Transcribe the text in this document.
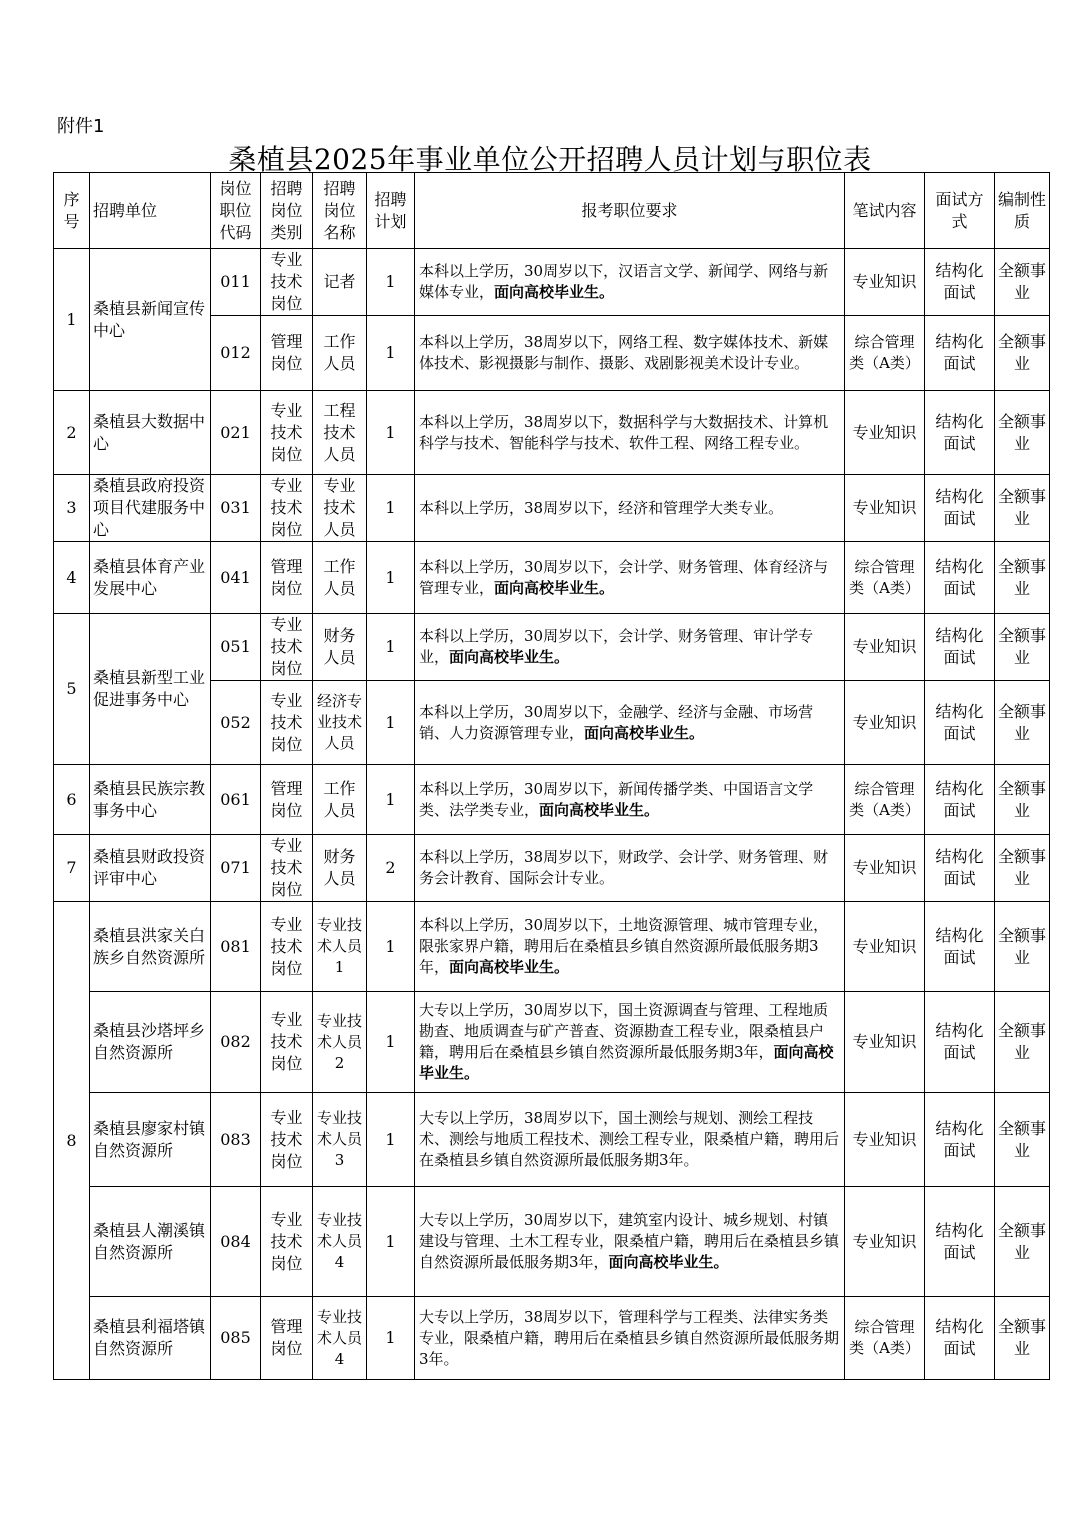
附件1
桑植县2025年事业单位公开招聘人员计划与职位表
序号	招聘单位	岗位职位代码	招聘岗位类别	招聘岗位名称	招聘计划	报考职位要求	笔试内容	面试方式	编制性质
1	桑植县新闻宣传中心	011	专业技术岗位	记者	1	本科以上学历，30周岁以下，汉语言文学、新闻学、网络与新媒体专业，面向高校毕业生。	专业知识	结构化面试	全额事业
		012	管理岗位	工作人员	1	本科以上学历，38周岁以下，网络工程、数字媒体技术、新媒体技术、影视摄影与制作、摄影、戏剧影视美术设计专业。	综合管理类（A类）	结构化面试	全额事业
2	桑植县大数据中心	021	专业技术岗位	工程技术人员	1	本科以上学历，38周岁以下，数据科学与大数据技术、计算机科学与技术、智能科学与技术、软件工程、网络工程专业。	专业知识	结构化面试	全额事业
3	桑植县政府投资项目代建服务中心	031	专业技术岗位	专业技术人员	1	本科以上学历，38周岁以下，经济和管理学大类专业。	专业知识	结构化面试	全额事业
4	桑植县体育产业发展中心	041	管理岗位	工作人员	1	本科以上学历，30周岁以下，会计学、财务管理、体育经济与管理专业，面向高校毕业生。	综合管理类（A类）	结构化面试	全额事业
5	桑植县新型工业促进事务中心	051	专业技术岗位	财务人员	1	本科以上学历，30周岁以下，会计学、财务管理、审计学专业，面向高校毕业生。	专业知识	结构化面试	全额事业
		052	专业技术岗位	经济专业技术人员	1	本科以上学历，30周岁以下，金融学、经济与金融、市场营销、人力资源管理专业，面向高校毕业生。	专业知识	结构化面试	全额事业
6	桑植县民族宗教事务中心	061	管理岗位	工作人员	1	本科以上学历，30周岁以下，新闻传播学类、中国语言文学类、法学类专业，面向高校毕业生。	综合管理类（A类）	结构化面试	全额事业
7	桑植县财政投资评审中心	071	专业技术岗位	财务人员	2	本科以上学历，38周岁以下，财政学、会计学、财务管理、财务会计教育、国际会计专业。	专业知识	结构化面试	全额事业
8	桑植县洪家关白族乡自然资源所	081	专业技术岗位	专业技术人员1	1	本科以上学历，30周岁以下，土地资源管理、城市管理专业，限张家界户籍，聘用后在桑植县乡镇自然资源所最低服务期3年，面向高校毕业生。	专业知识	结构化面试	全额事业
	桑植县沙塔坪乡自然资源所	082	专业技术岗位	专业技术人员2	1	大专以上学历，30周岁以下，国土资源调查与管理、工程地质勘查、地质调查与矿产普查、资源勘查工程专业，限桑植县户籍，聘用后在桑植县乡镇自然资源所最低服务期3年，面向高校毕业生。	专业知识	结构化面试	全额事业
	桑植县廖家村镇自然资源所	083	专业技术岗位	专业技术人员3	1	大专以上学历，38周岁以下，国土测绘与规划、测绘工程技术、测绘与地质工程技术、测绘工程专业，限桑植户籍，聘用后在桑植县乡镇自然资源所最低服务期3年。	专业知识	结构化面试	全额事业
	桑植县人潮溪镇自然资源所	084	专业技术岗位	专业技术人员4	1	大专以上学历，30周岁以下，建筑室内设计、城乡规划、村镇建设与管理、土木工程专业，限桑植户籍，聘用后在桑植县乡镇自然资源所最低服务期3年，面向高校毕业生。	专业知识	结构化面试	全额事业
	桑植县利福塔镇自然资源所	085	管理岗位	专业技术人员4	1	大专以上学历，38周岁以下，管理科学与工程类、法律实务类专业，限桑植户籍，聘用后在桑植县乡镇自然资源所最低服务期3年。	综合管理类（A类）	结构化面试	全额事业
